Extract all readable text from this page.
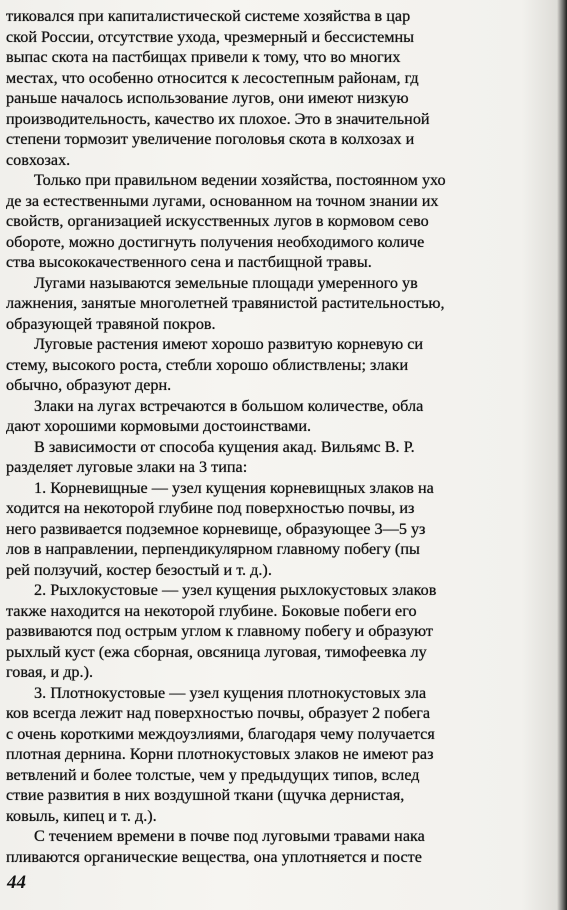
тиковался при капиталистической системе хозяйства в цар
ской России, отсутствие ухода, чрезмерный и бессистемны
выпас скота на пастбищах привели к тому, что во многих
местах, что особенно относится к лесостепным районам, гд
раньше началось использование лугов, они имеют низкую
производительность, качество их плохое. Это в значительной
степени тормозит увеличение поголовья скота в колхозах и
совхозах.
Только при правильном ведении хозяйства, постоянном ухо
де за естественными лугами, основанном на точном знании их
свойств, организацией искусственных лугов в кормовом сево
обороте, можно достигнуть получения необходимого количе
ства высококачественного сена и пастбищной травы.
Лугами называются земельные площади умеренного ув
лажнения, занятые многолетней травянистой растительностью,
образующей травяной покров.
Луговые растения имеют хорошо развитую корневую си
стему, высокого роста, стебли хорошо облиствлены; злаки
обычно, образуют дерн.
Злаки на лугах встречаются в большом количестве, обла
дают хорошими кормовыми достоинствами.
В зависимости от способа кущения акад. Вильямс В. Р.
разделяет луговые злаки на 3 типа:
1. Корневищные — узел кущения корневищных злаков на
ходится на некоторой глубине под поверхностью почвы, из
него развивается подземное корневище, образующее 3—5 уз
лов в направлении, перпендикулярном главному побегу (пы
рей ползучий, костер безостый и т. д.).
2. Рыхлокустовые — узел кущения рыхлокустовых злаков
также находится на некоторой глубине. Боковые побеги его
развиваются под острым углом к главному побегу и образуют
рыхлый куст (ежа сборная, овсяница луговая, тимофеевка лу
говая, и др.).
3. Плотнокустовые — узел кущения плотнокустовых зла
ков всегда лежит над поверхностью почвы, образует 2 побега
с очень короткими междоузлиями, благодаря чему получается
плотная дернина. Корни плотнокустовых злаков не имеют раз
ветвлений и более толстые, чем у предыдущих типов, вслед
ствие развития в них воздушной ткани (щучка дернистая,
ковыль, кипец и т. д.).
С течением времени в почве под луговыми травами нака
пливаются органические вещества, она уплотняется и посте
44
